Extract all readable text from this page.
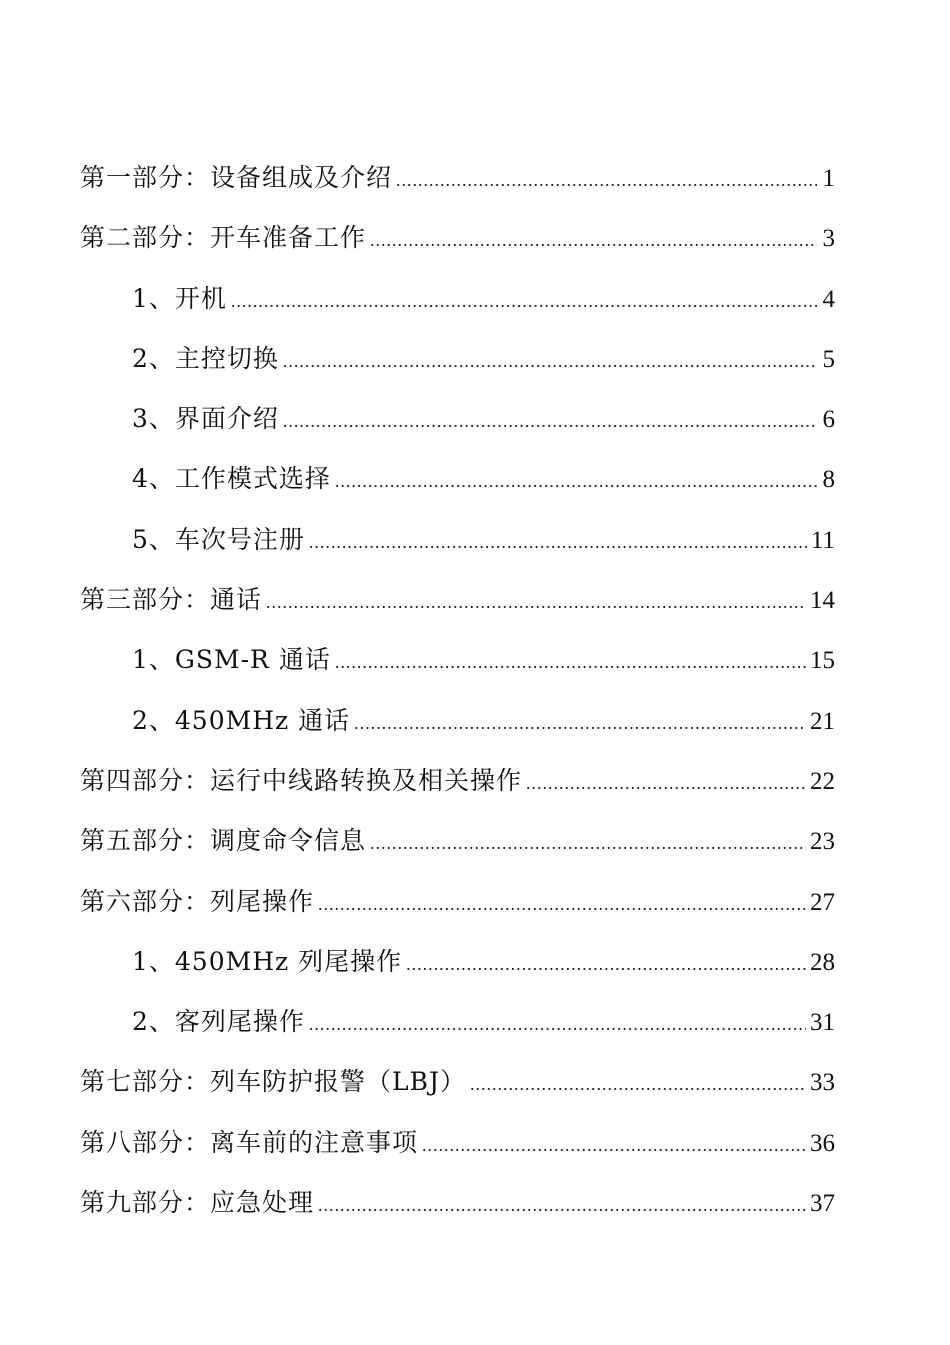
第一部分：设备组成及介绍 .....	1
第二部分：开车准备工作 .....	3
1、开机 .....	4
2、主控切换 .....	5
3、界面介绍 .....	6
4、工作模式选择 .....	8
5、车次号注册 .....	11
第三部分：通话 .....	14
1、GSM-R 通话 .....	15
2、450MHz 通话 .....	21
第四部分：运行中线路转换及相关操作 .....	22
第五部分：调度命令信息 .....	23
第六部分：列尾操作 .....	27
1、450MHz 列尾操作 .....	28
2、客列尾操作 .....	31
第七部分：列车防护报警（LBJ） .....	33
第八部分：离车前的注意事项 .....	36
第九部分：应急处理 .....	37
